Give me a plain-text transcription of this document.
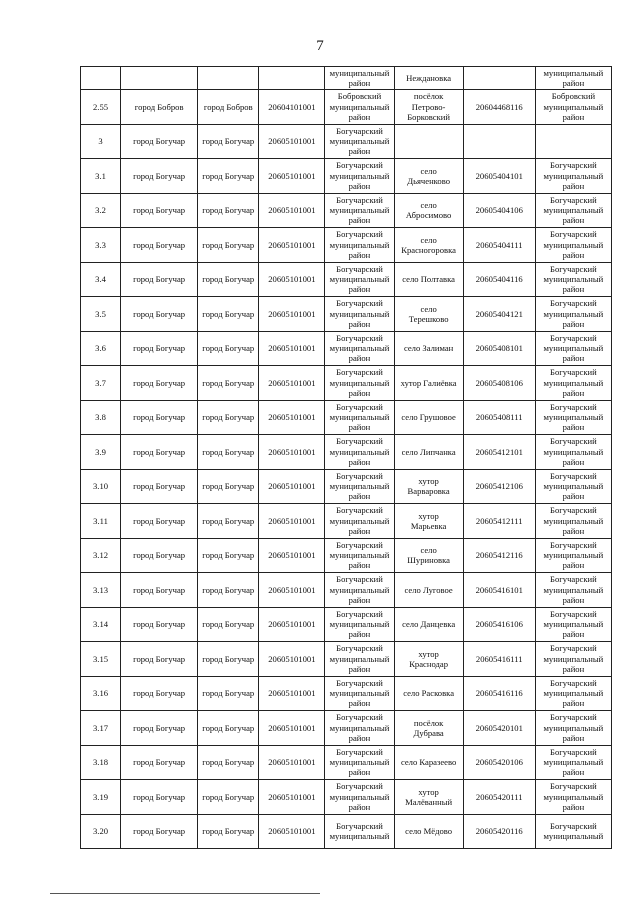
7
				муниципальный
район	Неждановка		муниципальный
район
2.55	город Бобров	город Бобров	20604101001	Бобровский
муниципальный
район	посёлок
Петрово-
Борковский	20604468116	Бобровский
муниципальный
район
3	город Богучар	город Богучар	20605101001	Богучарский
муниципальный
район			
3.1	город Богучар	город Богучар	20605101001	Богучарский
муниципальный
район	село
Дьяченково	20605404101	Богучарский
муниципальный
район
3.2	город Богучар	город Богучар	20605101001	Богучарский
муниципальный
район	село
Абросимово	20605404106	Богучарский
муниципальный
район
3.3	город Богучар	город Богучар	20605101001	Богучарский
муниципальный
район	село
Красногоровка	20605404111	Богучарский
муниципальный
район
3.4	город Богучар	город Богучар	20605101001	Богучарский
муниципальный
район	село Полтавка	20605404116	Богучарский
муниципальный
район
3.5	город Богучар	город Богучар	20605101001	Богучарский
муниципальный
район	село
Терешково	20605404121	Богучарский
муниципальный
район
3.6	город Богучар	город Богучар	20605101001	Богучарский
муниципальный
район	село Залиман	20605408101	Богучарский
муниципальный
район
3.7	город Богучар	город Богучар	20605101001	Богучарский
муниципальный
район	хутор Галиёвка	20605408106	Богучарский
муниципальный
район
3.8	город Богучар	город Богучар	20605101001	Богучарский
муниципальный
район	село Грушовое	20605408111	Богучарский
муниципальный
район
3.9	город Богучар	город Богучар	20605101001	Богучарский
муниципальный
район	село Липчанка	20605412101	Богучарский
муниципальный
район
3.10	город Богучар	город Богучар	20605101001	Богучарский
муниципальный
район	хутор
Варваровка	20605412106	Богучарский
муниципальный
район
3.11	город Богучар	город Богучар	20605101001	Богучарский
муниципальный
район	хутор
Марьевка	20605412111	Богучарский
муниципальный
район
3.12	город Богучар	город Богучар	20605101001	Богучарский
муниципальный
район	село
Шуриновка	20605412116	Богучарский
муниципальный
район
3.13	город Богучар	город Богучар	20605101001	Богучарский
муниципальный
район	село Луговое	20605416101	Богучарский
муниципальный
район
3.14	город Богучар	город Богучар	20605101001	Богучарский
муниципальный
район	село Данцевка	20605416106	Богучарский
муниципальный
район
3.15	город Богучар	город Богучар	20605101001	Богучарский
муниципальный
район	хутор
Краснодар	20605416111	Богучарский
муниципальный
район
3.16	город Богучар	город Богучар	20605101001	Богучарский
муниципальный
район	село Расковка	20605416116	Богучарский
муниципальный
район
3.17	город Богучар	город Богучар	20605101001	Богучарский
муниципальный
район	посёлок
Дубрава	20605420101	Богучарский
муниципальный
район
3.18	город Богучар	город Богучар	20605101001	Богучарский
муниципальный
район	село Каразеево	20605420106	Богучарский
муниципальный
район
3.19	город Богучар	город Богучар	20605101001	Богучарский
муниципальный
район	хутор
Малёванный	20605420111	Богучарский
муниципальный
район
3.20	город Богучар	город Богучар	20605101001	Богучарский
муниципальный	село Мёдово	20605420116	Богучарский
муниципальный
